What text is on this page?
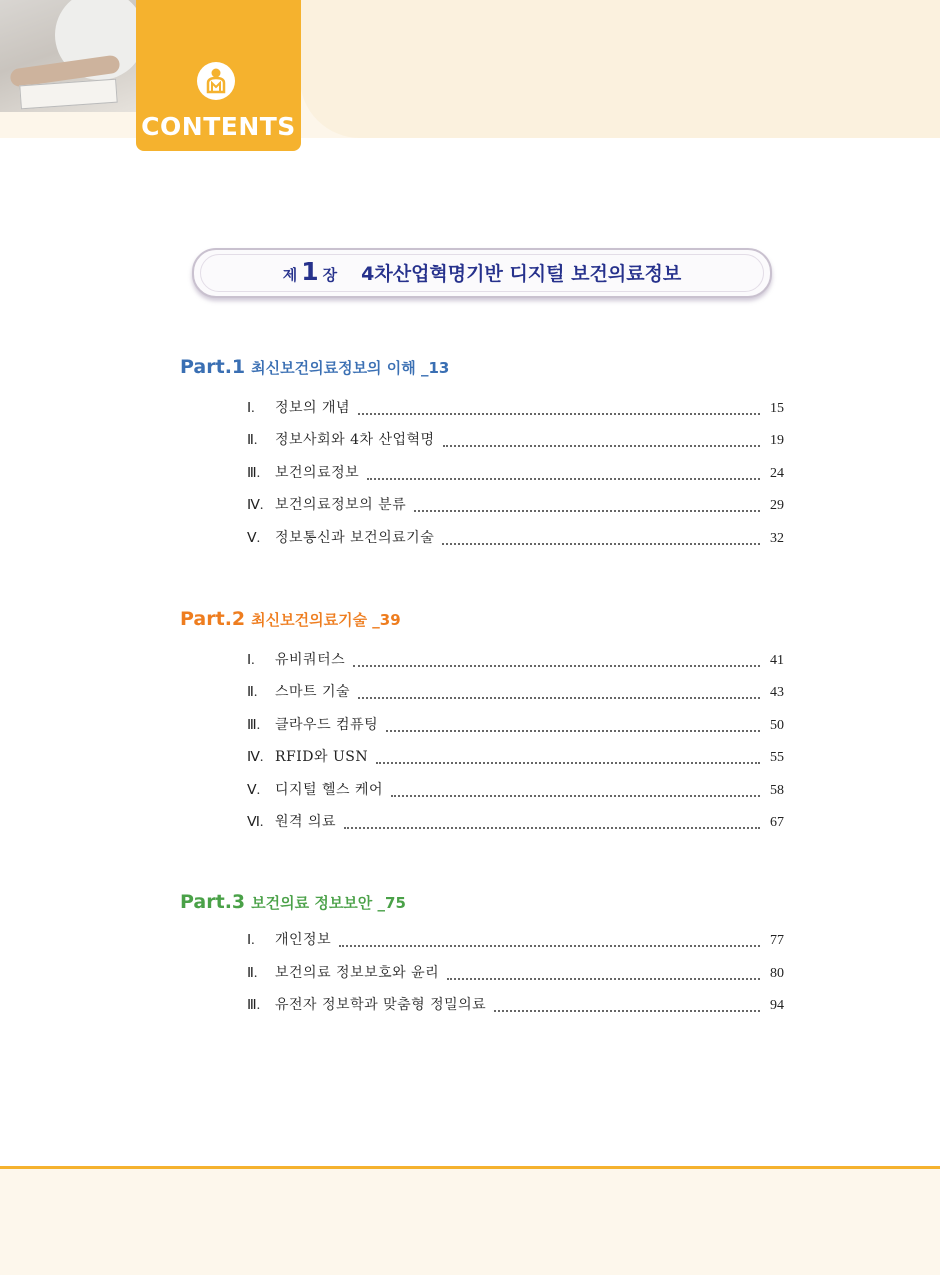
CONTENTS
제 1 장 4차산업혁명기반 디지털 보건의료정보
Part.1 최신보건의료정보의 이해 _13
Ⅰ.	정보의 개념	15
Ⅱ.	정보사회와 4차 산업혁명	19
Ⅲ.	보건의료정보	24
Ⅳ. 보건의료정보의 분류	29
Ⅴ.	정보통신과 보건의료기술	32
Part.2 최신보건의료기술 _39
Ⅰ.	유비쿼터스	41
Ⅱ.	스마트 기술	43
Ⅲ.	클라우드 컴퓨팅	50
Ⅳ. RFID와 USN	55
Ⅴ.	디지털 헬스 케어	58
Ⅵ. 원격 의료	67
Part.3 보건의료 정보보안 _75
Ⅰ.	개인정보	77
Ⅱ.	보건의료 정보보호와 윤리	80
Ⅲ.	유전자 정보학과 맞춤형 정밀의료	94
